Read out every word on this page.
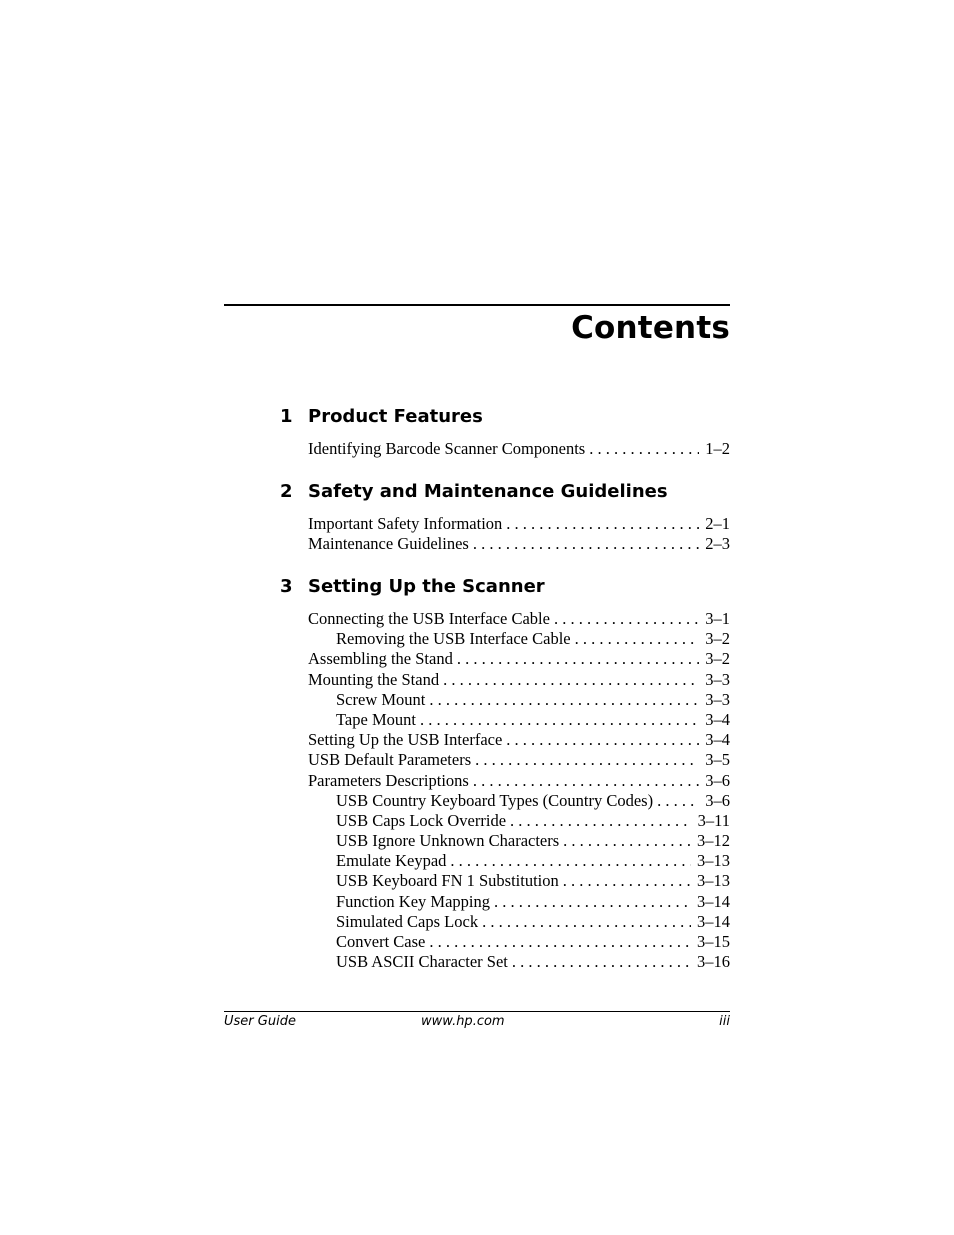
Contents
1 Product Features
Identifying Barcode Scanner Components . . .	1–2
2 Safety and Maintenance Guidelines
Important Safety Information . . .	2–1
Maintenance Guidelines . . .	2–3
3 Setting Up the Scanner
Connecting the USB Interface Cable . . .	3–1
Removing the USB Interface Cable . . .	3–2
Assembling the Stand . . .	3–2
Mounting the Stand . . .	3–3
Screw Mount . . .	3–3
Tape Mount . . .	3–4
Setting Up the USB Interface . . .	3–4
USB Default Parameters . . .	3–5
Parameters Descriptions . . .	3–6
USB Country Keyboard Types (Country Codes) . . .	3–6
USB Caps Lock Override . . .	3–11
USB Ignore Unknown Characters . . .	3–12
Emulate Keypad . . .	3–13
USB Keyboard FN 1 Substitution . . .	3–13
Function Key Mapping . . .	3–14
Simulated Caps Lock . . .	3–14
Convert Case . . .	3–15
USB ASCII Character Set . . .	3–16
User Guide	www.hp.com	iii
